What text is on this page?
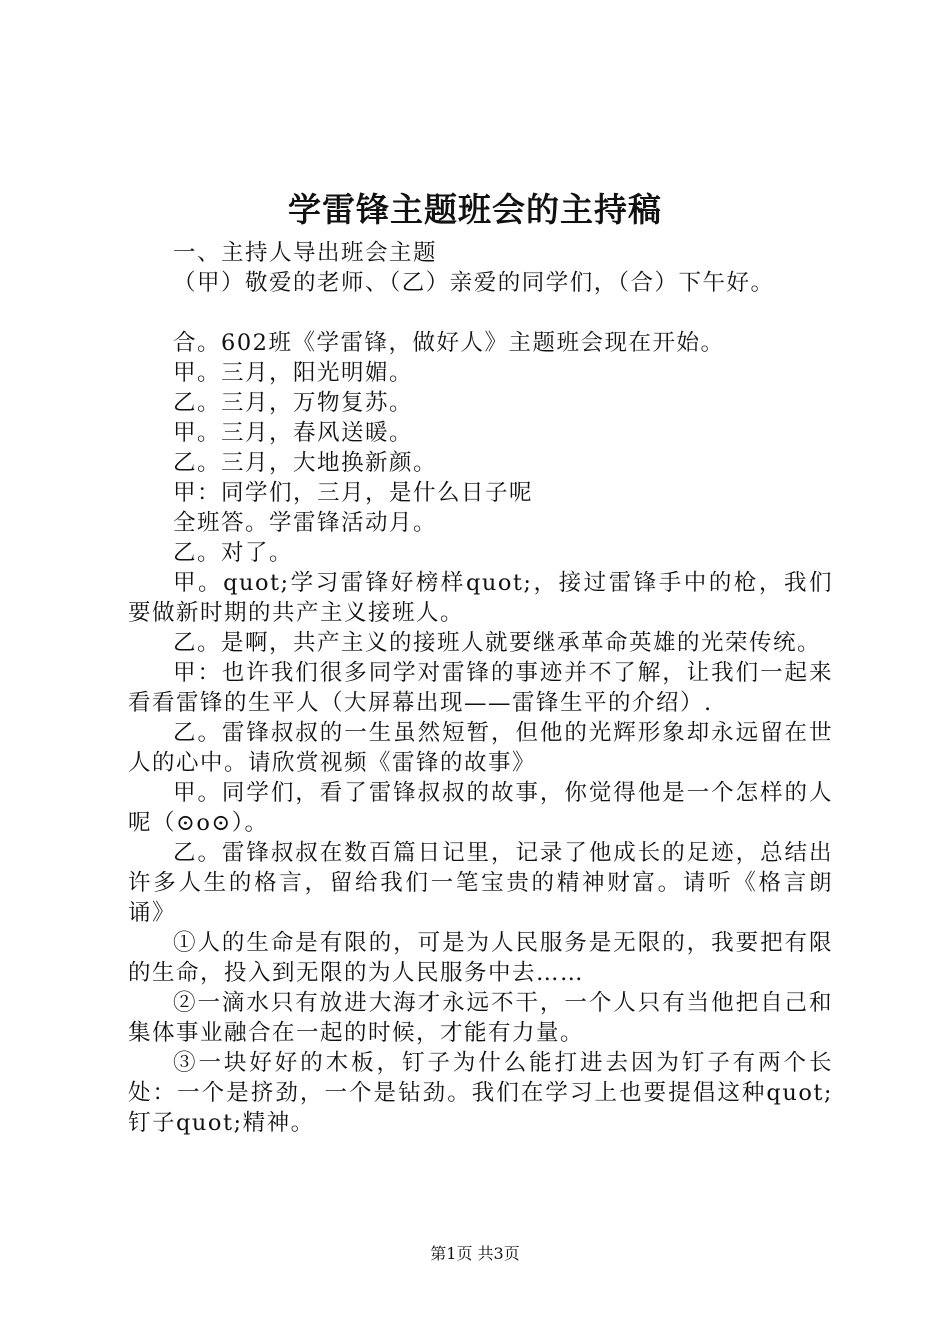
学雷锋主题班会的主持稿

一、主持人导出班会主题

（甲）敬爱的老师、（乙）亲爱的同学们，（合）下午好。

合。602班《学雷锋，做好人》主题班会现在开始。

甲。三月，阳光明媚。

乙。三月，万物复苏。

甲。三月，春风送暖。

乙。三月，大地换新颜。

甲：同学们，三月，是什么日子呢

全班答。学雷锋活动月。

乙。对了。

甲。quot;学习雷锋好榜样quot;，接过雷锋手中的枪，我们要做新时期的共产主义接班人。

乙。是啊，共产主义的接班人就要继承革命英雄的光荣传统。

甲：也许我们很多同学对雷锋的事迹并不了解，让我们一起来看看雷锋的生平人（大屏幕出现——雷锋生平的介绍）.

乙。雷锋叔叔的一生虽然短暂，但他的光辉形象却永远留在世人的心中。请欣赏视频《雷锋的故事》

甲。同学们，看了雷锋叔叔的故事，你觉得他是一个怎样的人呢（⊙o⊙）。

乙。雷锋叔叔在数百篇日记里，记录了他成长的足迹，总结出许多人生的格言，留给我们一笔宝贵的精神财富。请听《格言朗诵》

①人的生命是有限的，可是为人民服务是无限的，我要把有限的生命，投入到无限的为人民服务中去……

②一滴水只有放进大海才永远不干，一个人只有当他把自己和集体事业融合在一起的时候，才能有力量。

③一块好好的木板，钉子为什么能打进去因为钉子有两个长处：一个是挤劲，一个是钻劲。我们在学习上也要提倡这种quot;钉子quot;精神。

第1页 共3页
